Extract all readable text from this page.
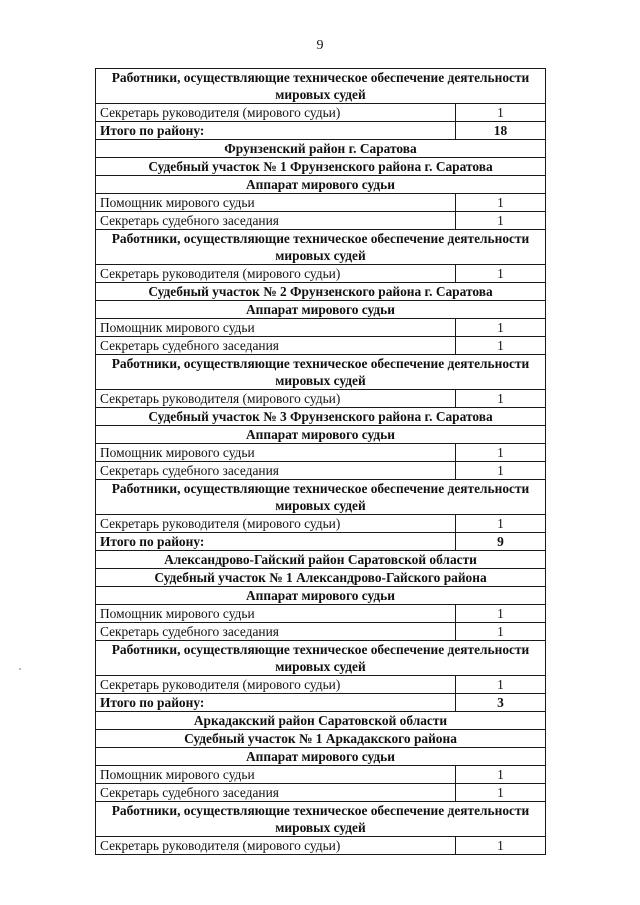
9
Работники, осуществляющие техническое обеспечение деятельности мировых судей	
Секретарь руководителя (мирового судьи)	1
Итого по району:	18
Фрунзенский район г. Саратова	
Судебный участок № 1 Фрунзенского района г. Саратова	
Аппарат мирового судьи	
Помощник мирового судьи	1
Секретарь судебного заседания	1
Работники, осуществляющие техническое обеспечение деятельности мировых судей	
Секретарь руководителя (мирового судьи)	1
Судебный участок № 2 Фрунзенского района г. Саратова	
Аппарат мирового судьи	
Помощник мирового судьи	1
Секретарь судебного заседания	1
Работники, осуществляющие техническое обеспечение деятельности мировых судей	
Секретарь руководителя (мирового судьи)	1
Судебный участок № 3 Фрунзенского района г. Саратова	
Аппарат мирового судьи	
Помощник мирового судьи	1
Секретарь судебного заседания	1
Работники, осуществляющие техническое обеспечение деятельности мировых судей	
Секретарь руководителя (мирового судьи)	1
Итого по району:	9
Александрово-Гайский район Саратовской области	
Судебный участок № 1 Александрово-Гайского района	
Аппарат мирового судьи	
Помощник мирового судьи	1
Секретарь судебного заседания	1
Работники, осуществляющие техническое обеспечение деятельности мировых судей	
Секретарь руководителя (мирового судьи)	1
Итого по району:	3
Аркадакский район Саратовской области	
Судебный участок № 1 Аркадакского района	
Аппарат мирового судьи	
Помощник мирового судьи	1
Секретарь судебного заседания	1
Работники, осуществляющие техническое обеспечение деятельности мировых судей	
Секретарь руководителя (мирового судьи)	1
